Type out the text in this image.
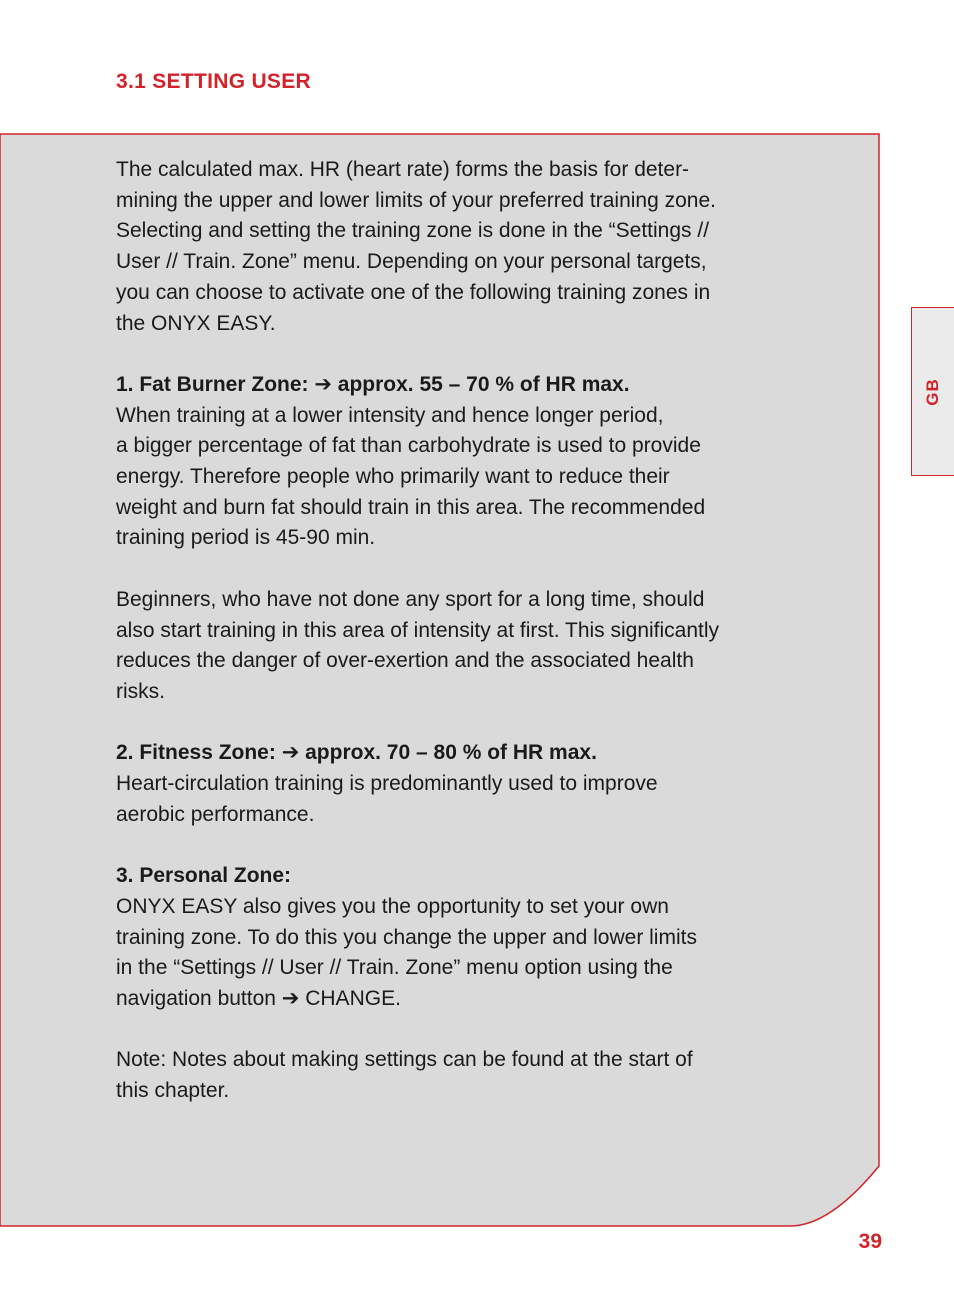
3.1 SETTING USER

The calculated max. HR (heart rate) forms the basis for deter-

mining the upper and lower limits of your preferred training zone.

Selecting and setting the training zone is done in the “Settings //

User // Train. Zone” menu. Depending on your personal targets,

you can choose to activate one of the following training zones in

the ONYX EASY.

1. Fat Burner Zone: ➔ approx. 55 – 70 % of HR max.

When training at a lower intensity and hence longer period,

a bigger percentage of fat than carbohydrate is used to provide

energy. Therefore people who primarily want to reduce their

weight and burn fat should train in this area. The recommended

training period is 45-90 min.

Beginners, who have not done any sport for a long time, should

also start training in this area of intensity at first. This significantly

reduces the danger of over-exertion and the associated health

risks.

2. Fitness Zone: ➔ approx. 70 – 80 % of HR max.

Heart-circulation training is predominantly used to improve

aerobic performance.

3. Personal Zone:

ONYX EASY also gives you the opportunity to set your own

training zone. To do this you change the upper and lower limits

in the “Settings // User // Train. Zone” menu option using the

navigation button ➔ CHANGE.

Note: Notes about making settings can be found at the start of

this chapter.

GB
39
